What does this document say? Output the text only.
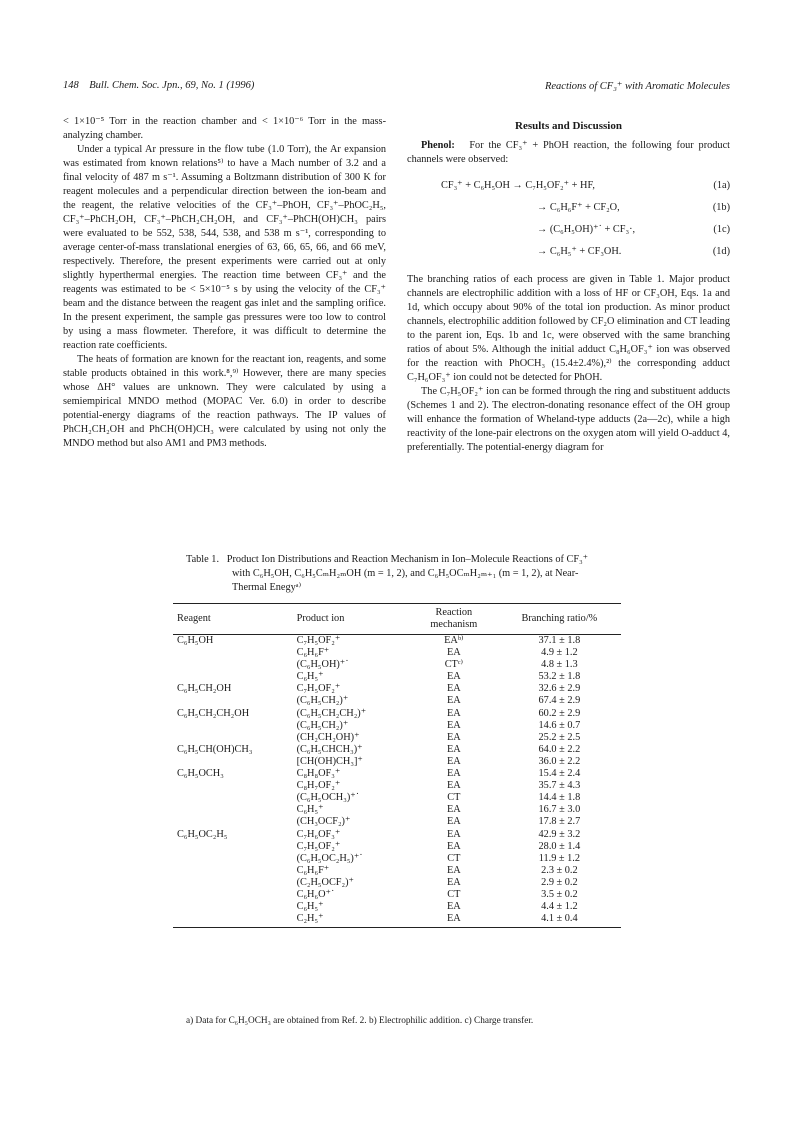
148 Bull. Chem. Soc. Jpn., 69, No. 1 (1996)	Reactions of CF₃⁺ with Aromatic Molecules

< 1×10⁻⁵ Torr in the reaction chamber and < 1×10⁻⁶ Torr in the mass-analyzing chamber.

Under a typical Ar pressure in the flow tube (1.0 Torr), the Ar expansion was estimated from known relations⁵⁾ to have a Mach number of 3.2 and a final velocity of 487 m s⁻¹. Assuming a Boltzmann distribution of 300 K for reagent molecules and a perpendicular direction between the ion-beam and the reagent, the relative velocities of the CF₃⁺–PhOH, CF₃⁺–PhOC₂H₅, CF₃⁺–PhCH₂OH, CF₃⁺–PhCH₂CH₂OH, and CF₃⁺–PhCH(OH)CH₃ pairs were evaluated to be 552, 538, 544, 538, and 538 m s⁻¹, corresponding to average center-of-mass translational energies of 63, 66, 65, 66, and 66 meV, respectively. Therefore, the present experiments were carried out at only slightly hyperthermal energies. The reaction time between CF₃⁺ and the reagents was estimated to be < 5×10⁻⁵ s by using the velocity of the CF₃⁺ beam and the distance between the reagent gas inlet and the sampling orifice. In the present experiment, the sample gas pressures were too low to control by using a mass flowmeter. Therefore, it was difficult to determine the reaction rate coefficients.

The heats of formation are known for the reactant ion, reagents, and some stable products obtained in this work.⁸,⁹⁾ However, there are many species whose ΔH° values are unknown. They were calculated by using a semiempirical MNDO method (MOPAC Ver. 6.0) in order to describe potential-energy diagrams of the reaction pathways. The IP values of PhCH₂CH₂OH and PhCH(OH)CH₃ were calculated by using not only the MNDO method but also AM1 and PM3 methods.

Results and Discussion

Phenol: For the CF₃⁺ + PhOH reaction, the following four product channels were observed:

CF₃⁺ + C₆H₅OH → C₇H₅OF₂⁺ + HF,	(1a)
→ C₆H₆F⁺ + CF₂O,	(1b)
→ (C₆H₅OH)⁺˙ + CF₃·,	(1c)
→ C₆H₅⁺ + CF₃OH.	(1d)

The branching ratios of each process are given in Table 1. Major product channels are electrophilic addition with a loss of HF or CF₃OH, Eqs. 1a and 1d, which occupy about 90% of the total ion production. As minor product channels, electrophilic addition followed by CF₂O elimination and CT leading to the parent ion, Eqs. 1b and 1c, were observed with the same branching ratios of about 5%. Although the initial adduct C₈H₆OF₃⁺ ion was observed for the reaction with PhOCH₃ (15.4±2.4%),²⁾ the corresponding adduct C₇H₆OF₃⁺ ion could not be detected for PhOH.

The C₇H₅OF₂⁺ ion can be formed through the ring and substituent adducts (Schemes 1 and 2). The electron-donating resonance effect of the OH group will enhance the formation of Wheland-type adducts (2a—2c), while a high reactivity of the lone-pair electrons on the oxygen atom will yield O-adduct 4, preferentially. The potential-energy diagram for

Table 1. Product Ion Distributions and Reaction Mechanism in Ion–Molecule Reactions of CF₃⁺ with C₆H₅OH, C₆H₅CₘH₂ₘOH (m = 1, 2), and C₆H₅OCₘH₂ₘ₊₁ (m = 1, 2), at Near-Thermal Enegyᵃ⁾
Reagent	Product ion	Reaction mechanism	Branching ratio/%
C₆H₅OH	C₇H₅OF₂⁺	EAᵇ⁾	37.1 ± 1.8
	C₆H₆F⁺	EA	4.9 ± 1.2
	(C₆H₅OH)⁺˙	CTᶜ⁾	4.8 ± 1.3
	C₆H₅⁺	EA	53.2 ± 1.8
C₆H₅CH₂OH	C₇H₅OF₂⁺	EA	32.6 ± 2.9
	(C₆H₅CH₂)⁺	EA	67.4 ± 2.9
C₆H₅CH₂CH₂OH	(C₆H₅CH₂CH₂)⁺	EA	60.2 ± 2.9
	(C₆H₅CH₂)⁺	EA	14.6 ± 0.7
	(CH₂CH₂OH)⁺	EA	25.2 ± 2.5
C₆H₅CH(OH)CH₃	(C₆H₅CHCH₃)⁺	EA	64.0 ± 2.2
	[CH(OH)CH₃]⁺	EA	36.0 ± 2.2
C₆H₅OCH₃	C₈H₈OF₃⁺	EA	15.4 ± 2.4
	C₈H₇OF₂⁺	EA	35.7 ± 4.3
	(C₆H₅OCH₃)⁺˙	CT	14.4 ± 1.8
	C₆H₅⁺	EA	16.7 ± 3.0
	(CH₃OCF₂)⁺	EA	17.8 ± 2.7
C₆H₅OC₂H₅	C₇H₆OF₃⁺	EA	42.9 ± 3.2
	C₇H₅OF₂⁺	EA	28.0 ± 1.4
	(C₆H₅OC₂H₅)⁺˙	CT	11.9 ± 1.2
	C₆H₆F⁺	EA	2.3 ± 0.2
	(C₂H₅OCF₂)⁺	EA	2.9 ± 0.2
	C₆H₆O⁺˙	CT	3.5 ± 0.2
	C₆H₅⁺	EA	4.4 ± 1.2
	C₂H₅⁺	EA	4.1 ± 0.4
a) Data for C₆H₅OCH₃ are obtained from Ref. 2. b) Electrophilic addition. c) Charge transfer.
